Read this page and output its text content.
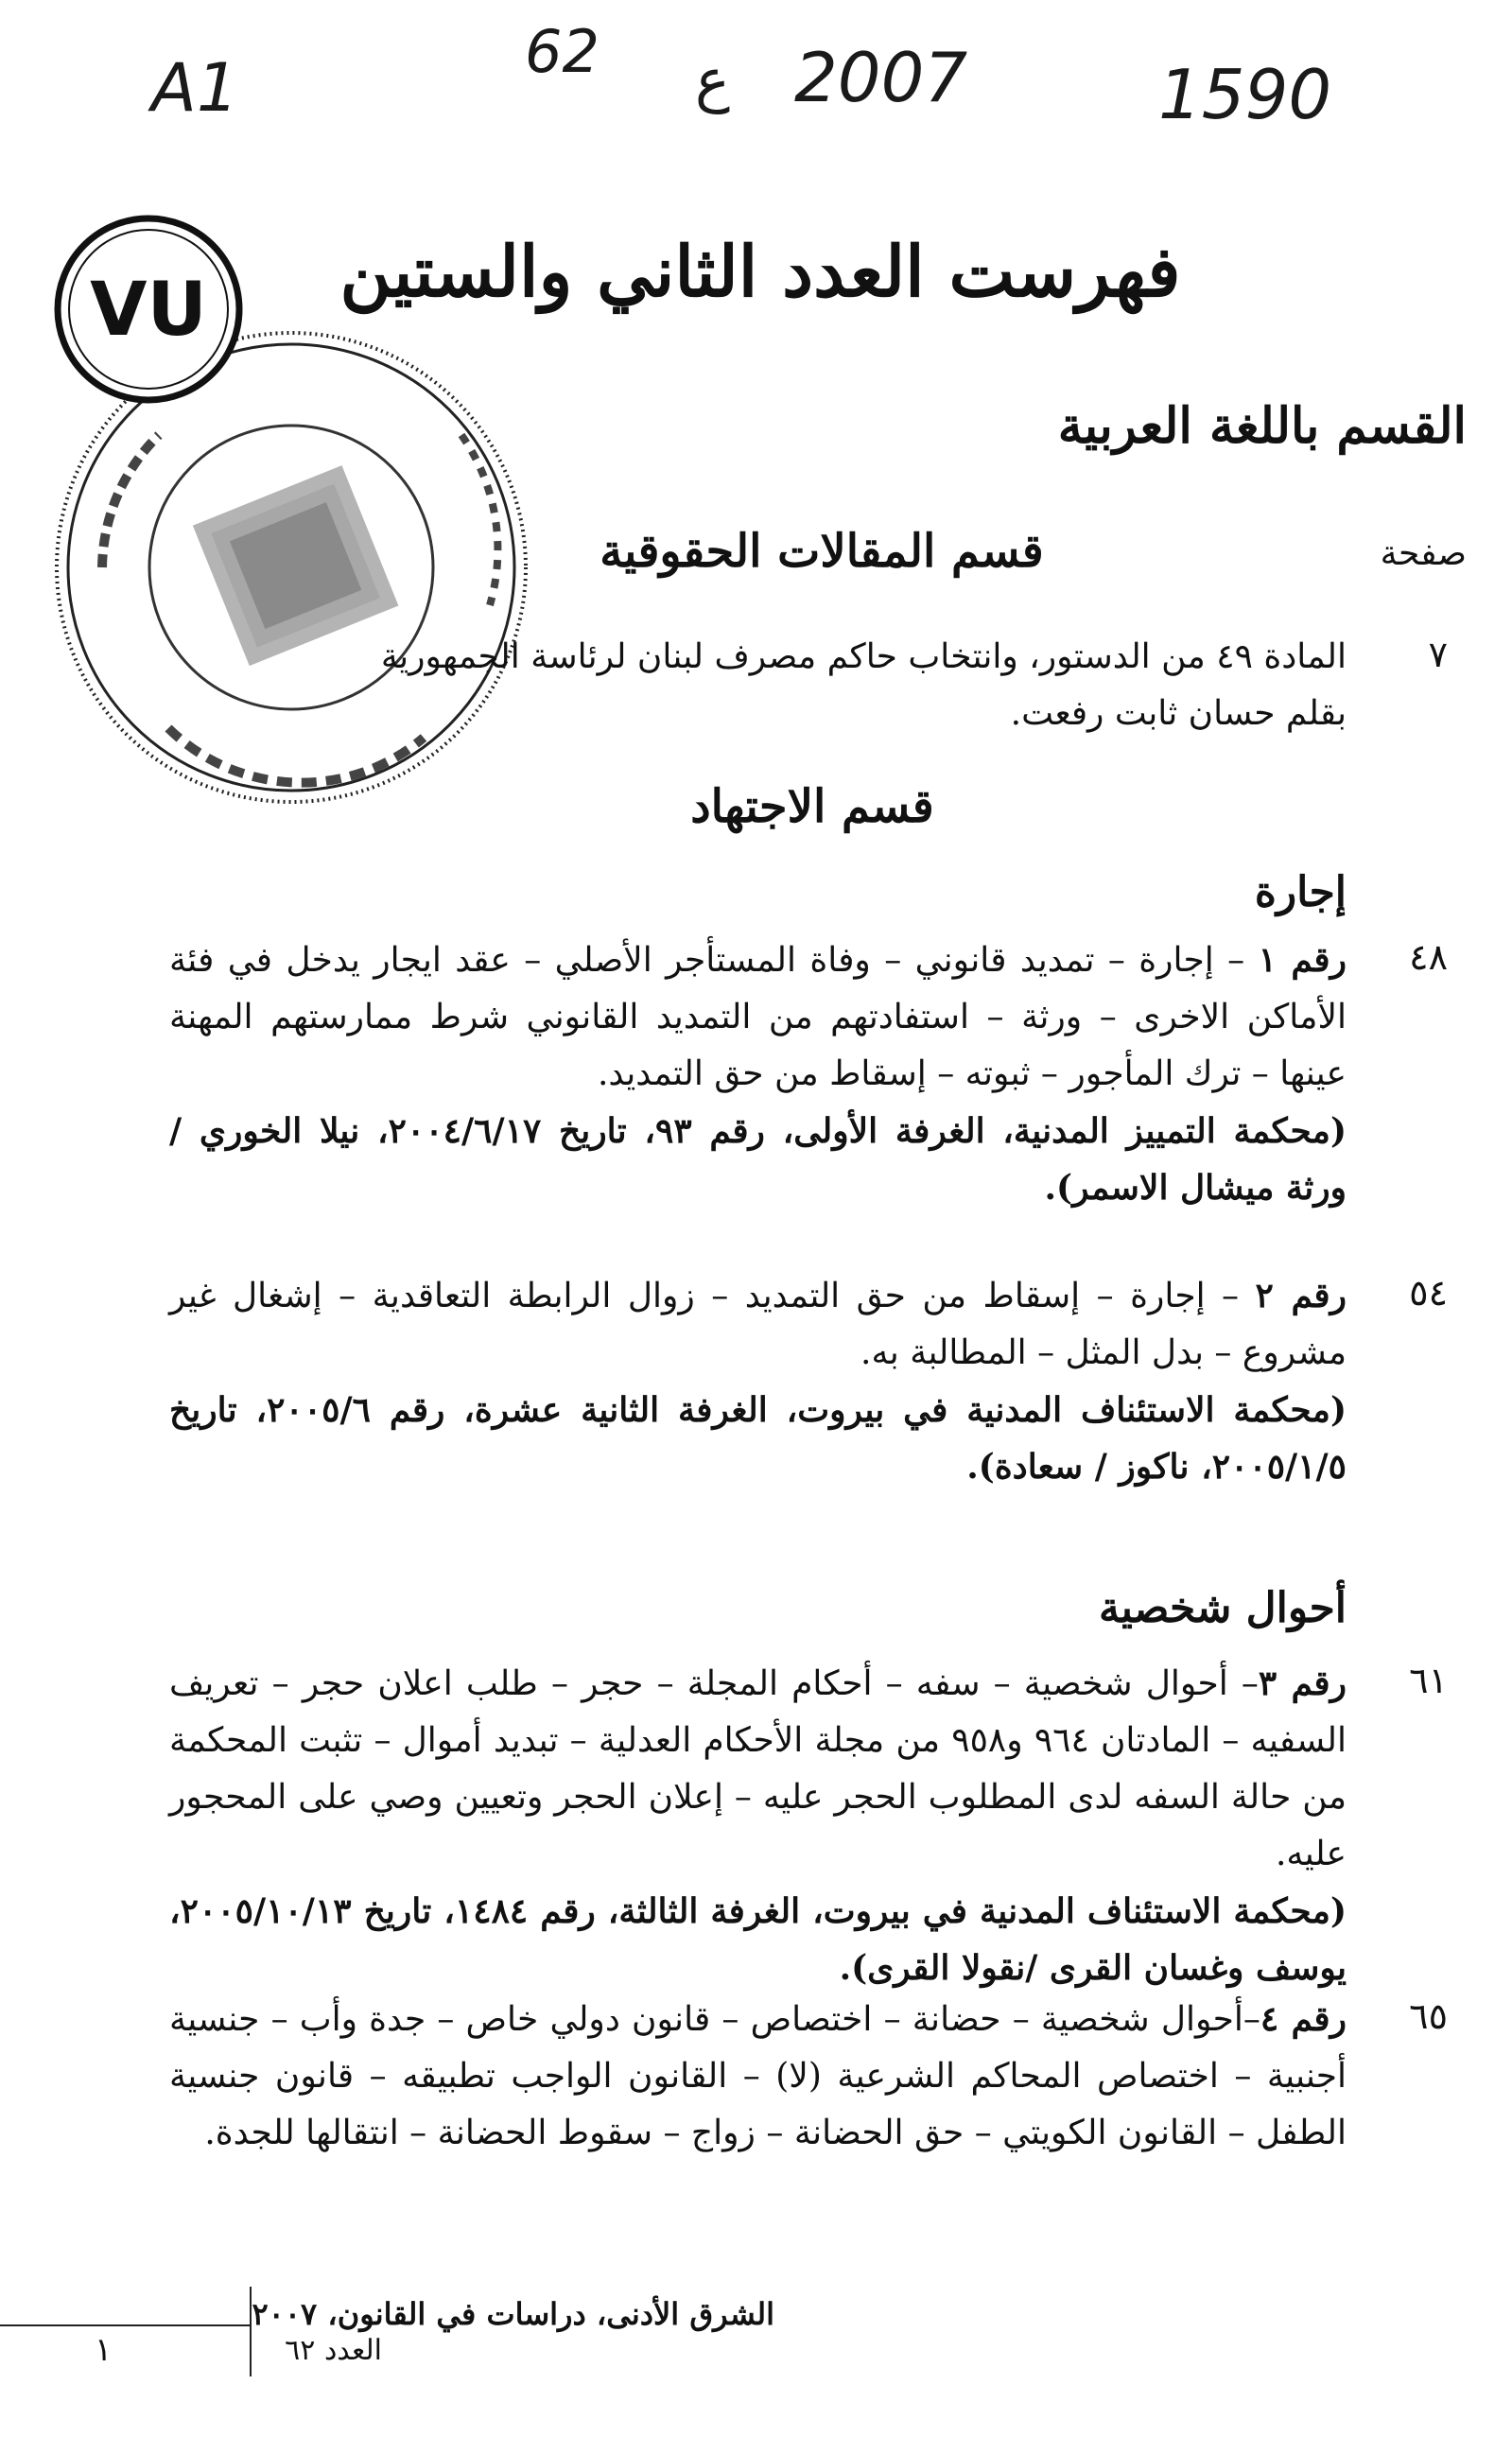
A1	62 ع 2007	1590
VU	فهرست العدد الثاني والستين
القسم باللغة العربية
صفحة
قسم المقالات الحقوقية
٧
المادة ٤٩ من الدستور، وانتخاب حاكم مصرف لبنان لرئاسة الجمهورية
بقلم حسان ثابت رفعت.
قسم الاجتهاد
إجارة
٤٨
رقم ١ – إجارة – تمديد قانوني – وفاة المستأجر الأصلي – عقد ايجار يدخل في فئة الأماكن الاخرى – ورثة – استفادتهم من التمديد القانوني شرط ممارستهم المهنة عينها – ترك المأجور – ثبوته – إسقاط من حق التمديد.
(محكمة التمييز المدنية، الغرفة الأولى، رقم ٩٣، تاريخ ٢٠٠٤/٦/١٧، نيلا الخوري / ورثة ميشال الاسمر).
٥٤
رقم ٢ – إجارة – إسقاط من حق التمديد – زوال الرابطة التعاقدية – إشغال غير مشروع – بدل المثل – المطالبة به.
(محكمة الاستئناف المدنية في بيروت، الغرفة الثانية عشرة، رقم ٢٠٠٥/٦، تاريخ ٢٠٠٥/١/٥، ناكوز / سعادة).
أحوال شخصية
٦١
رقم ٣– أحوال شخصية – سفه – أحكام المجلة – حجر – طلب اعلان حجر – تعريف السفيه – المادتان ٩٦٤ و٩٥٨ من مجلة الأحكام العدلية – تبديد أموال – تثبت المحكمة من حالة السفه لدى المطلوب الحجر عليه – إعلان الحجر وتعيين وصي على المحجور عليه.
(محكمة الاستئناف المدنية في بيروت، الغرفة الثالثة، رقم ١٤٨٤، تاريخ ٢٠٠٥/١٠/١٣، يوسف وغسان القرى /نقولا القرى).
٦٥
رقم ٤–أحوال شخصية – حضانة – اختصاص – قانون دولي خاص – جدة وأب – جنسية أجنبية – اختصاص المحاكم الشرعية (لا) – القانون الواجب تطبيقه – قانون جنسية الطفل – القانون الكويتي – حق الحضانة – زواج – سقوط الحضانة – انتقالها للجدة.
الشرق الأدنى، دراسات في القانون، ٢٠٠٧
العدد ٦٢
١
